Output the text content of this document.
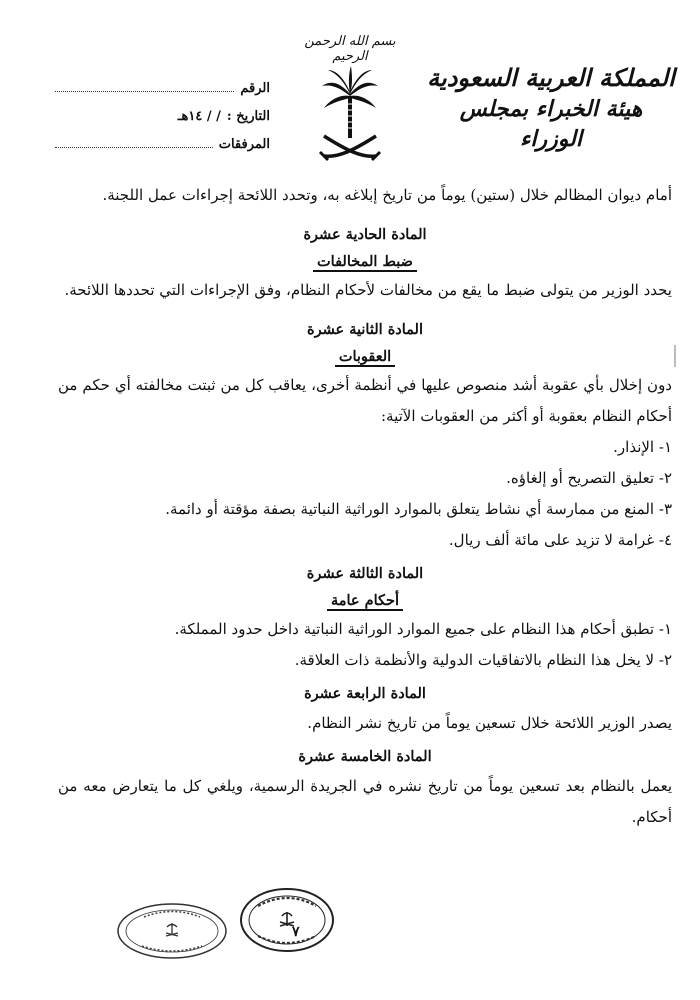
بسم الله الرحمن الرحيم
المملكة العربية السعودية
هيئة الخبراء بمجلس الوزراء
الرقم
التاريخ :
/ / ١٤هـ
المرفقات

أمام ديوان المظالم خلال (ستين) يوماً من تاريخ إبلاغه به، وتحدد اللائحة إجراءات عمل اللجنة.

المادة الحادية عشرة
ضبط المخالفات

يحدد الوزير من يتولى ضبط ما يقع من مخالفات لأحكام النظام، وفق الإجراءات التي تحددها اللائحة.

المادة الثانية عشرة
العقوبات

دون إخلال بأي عقوبة أشد منصوص عليها في أنظمة أخرى، يعاقب كل من ثبتت مخالفته أي حكم من أحكام النظام بعقوبة أو أكثر من العقوبات الآتية:

١- الإنذار.
٢- تعليق التصريح أو إلغاؤه.
٣- المنع من ممارسة أي نشاط يتعلق بالموارد الوراثية النباتية بصفة مؤقتة أو دائمة.
٤- غرامة لا تزيد على مائة ألف ريال.
المادة الثالثة عشرة
أحكام عامة
١- تطبق أحكام هذا النظام على جميع الموارد الوراثية النباتية داخل حدود المملكة.
٢- لا يخل هذا النظام بالاتفاقيات الدولية والأنظمة ذات العلاقة.
المادة الرابعة عشرة

يصدر الوزير اللائحة خلال تسعين يوماً من تاريخ نشر النظام.

المادة الخامسة عشرة

يعمل بالنظام بعد تسعين يوماً من تاريخ نشره في الجريدة الرسمية، ويلغي كل ما يتعارض معه من أحكام.

٧
